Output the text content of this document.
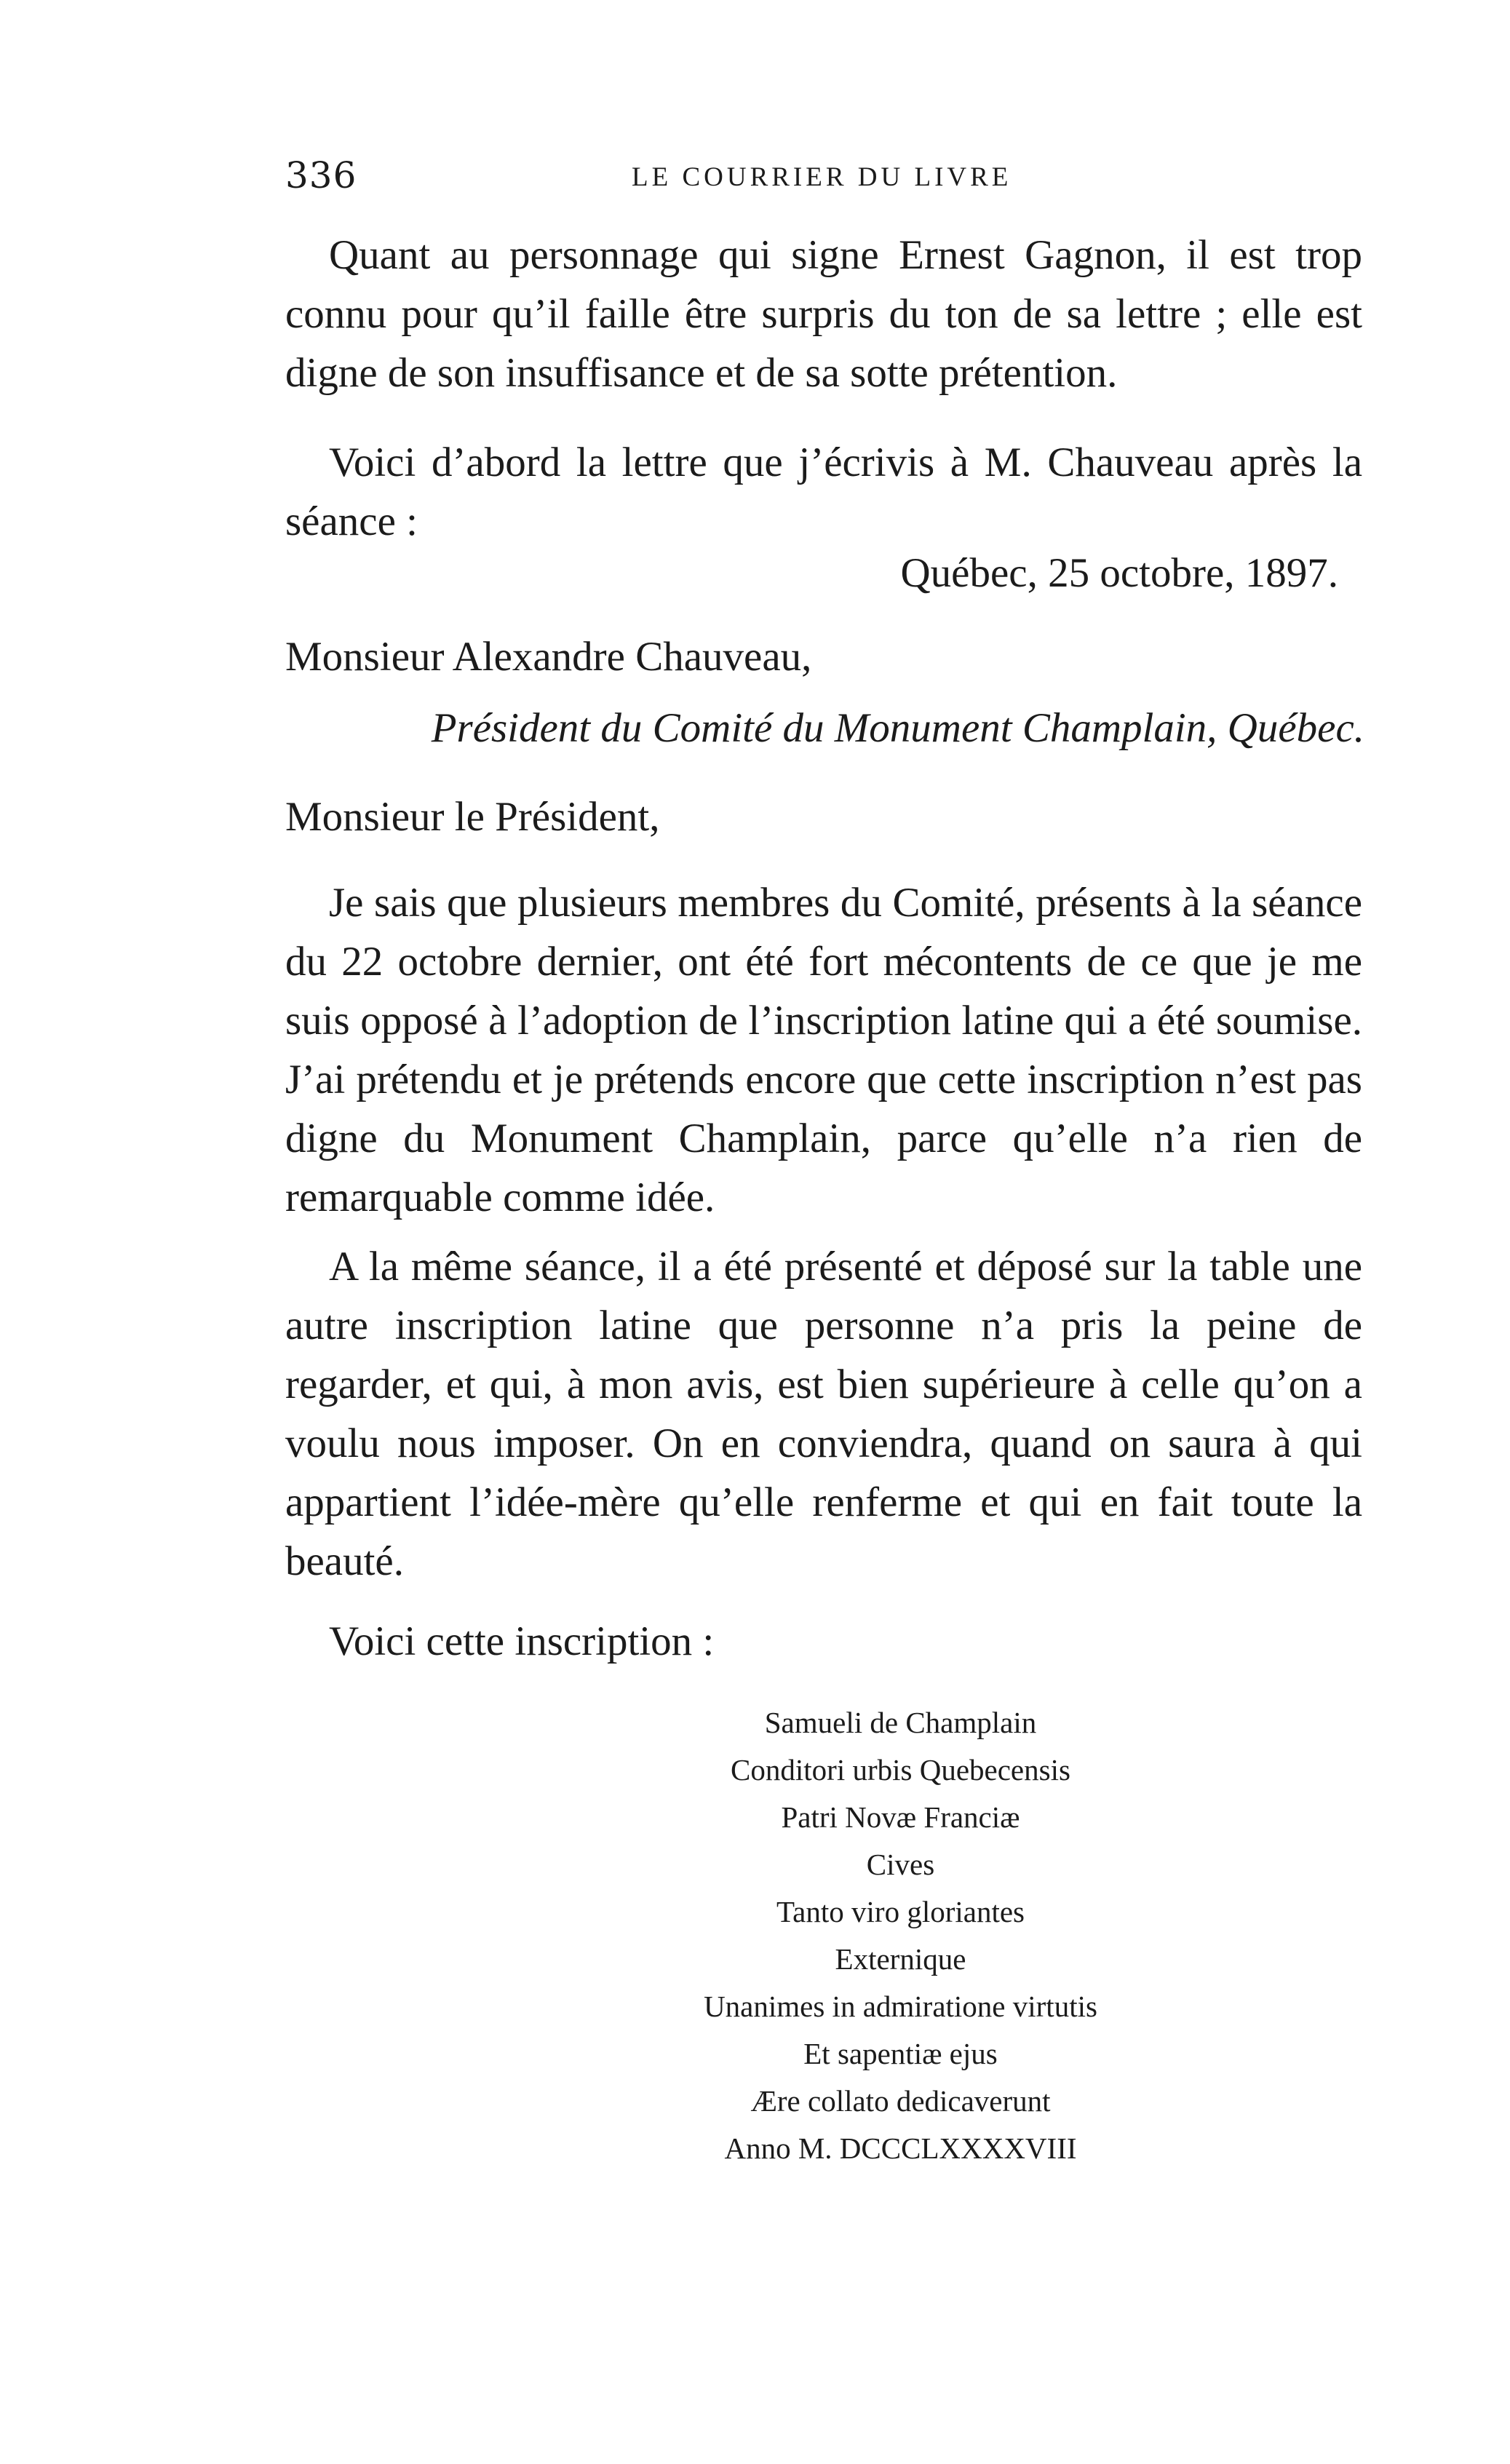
336	LE COURRIER DU LIVRE
Quant au personnage qui signe Ernest Gagnon, il est trop connu pour qu’il faille être surpris du ton de sa lettre ; elle est digne de son insuffisance et de sa sotte prétention.
Voici d’abord la lettre que j’écrivis à M. Chauveau après la séance :
Québec, 25 octobre, 1897.
Monsieur Alexandre Chauveau,
Président du Comité du Monument Champlain, Québec.
Monsieur le Président,
Je sais que plusieurs membres du Comité, présents à la séance du 22 octobre dernier, ont été fort mécontents de ce que je me suis opposé à l’adoption de l’inscription latine qui a été soumise. J’ai prétendu et je prétends encore que cette inscription n’est pas digne du Monument Champlain, parce qu’elle n’a rien de remarquable comme idée.
A la même séance, il a été présenté et déposé sur la table une autre inscription latine que personne n’a pris la peine de regarder, et qui, à mon avis, est bien supérieure à celle qu’on a voulu nous imposer. On en conviendra, quand on saura à qui appartient l’idée-mère qu’elle renferme et qui en fait toute la beauté.
Voici cette inscription :
Samueli de Champlain
Conditori urbis Quebecensis
Patri Novæ Franciæ
Cives
Tanto viro gloriantes
Externique
Unanimes in admiratione virtutis
Et sapentiæ ejus
Ære collato dedicaverunt
Anno M. DCCCLXXXXVIII
